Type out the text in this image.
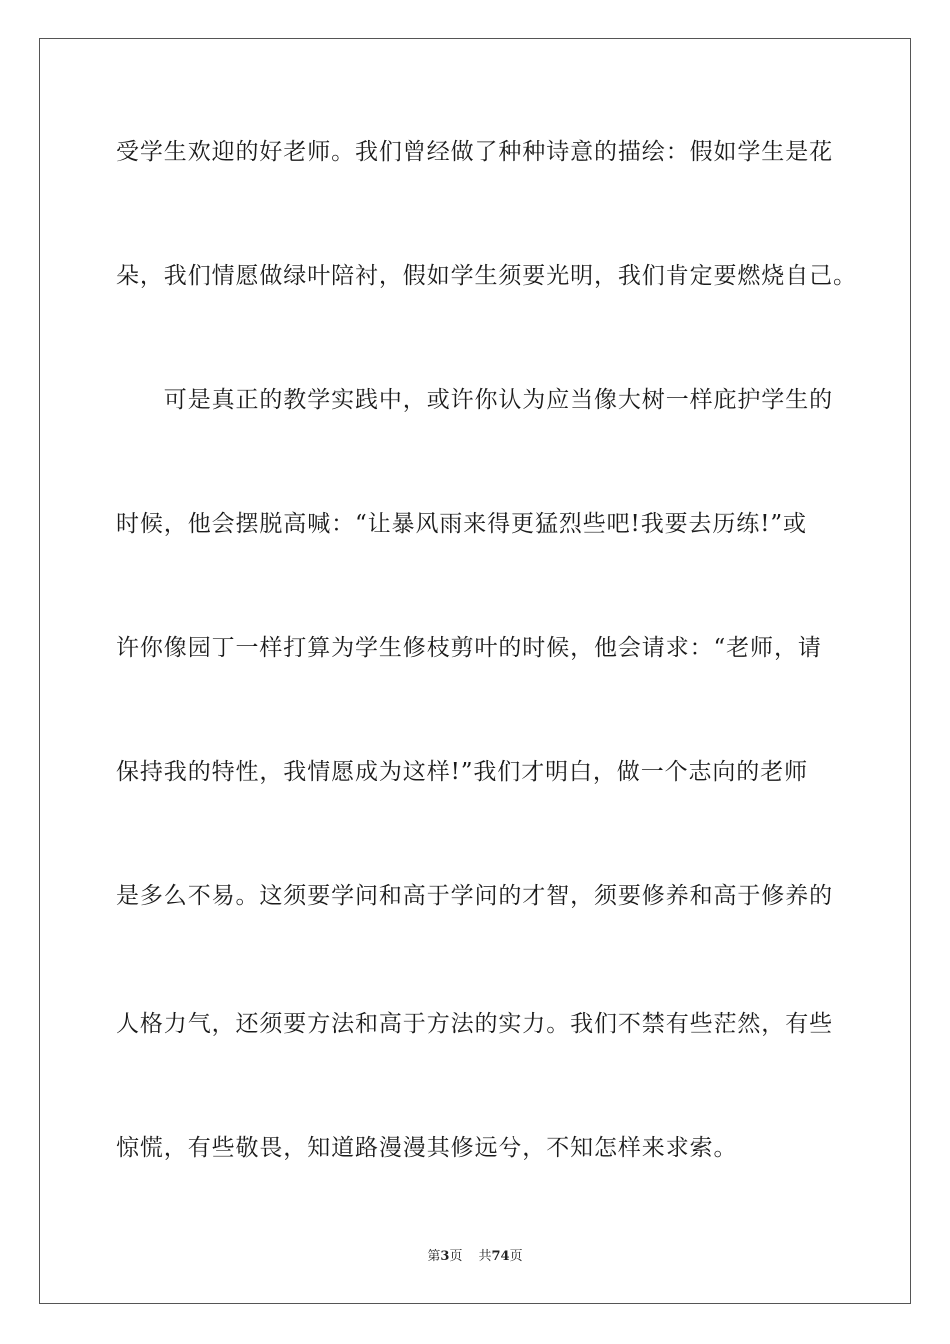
受学生欢迎的好老师。我们曾经做了种种诗意的描绘：假如学生是花
朵，我们情愿做绿叶陪衬，假如学生须要光明，我们肯定要燃烧自己。
　　可是真正的教学实践中，或许你认为应当像大树一样庇护学生的
时候，他会摆脱高喊：“让暴风雨来得更猛烈些吧!我要去历练!”或
许你像园丁一样打算为学生修枝剪叶的时候，他会请求：“老师，请
保持我的特性，我情愿成为这样!”我们才明白，做一个志向的老师
是多么不易。这须要学问和高于学问的才智，须要修养和高于修养的
人格力气，还须要方法和高于方法的实力。我们不禁有些茫然，有些
惊慌，有些敬畏，知道路漫漫其修远兮，不知怎样来求索。
第3页 共74页
